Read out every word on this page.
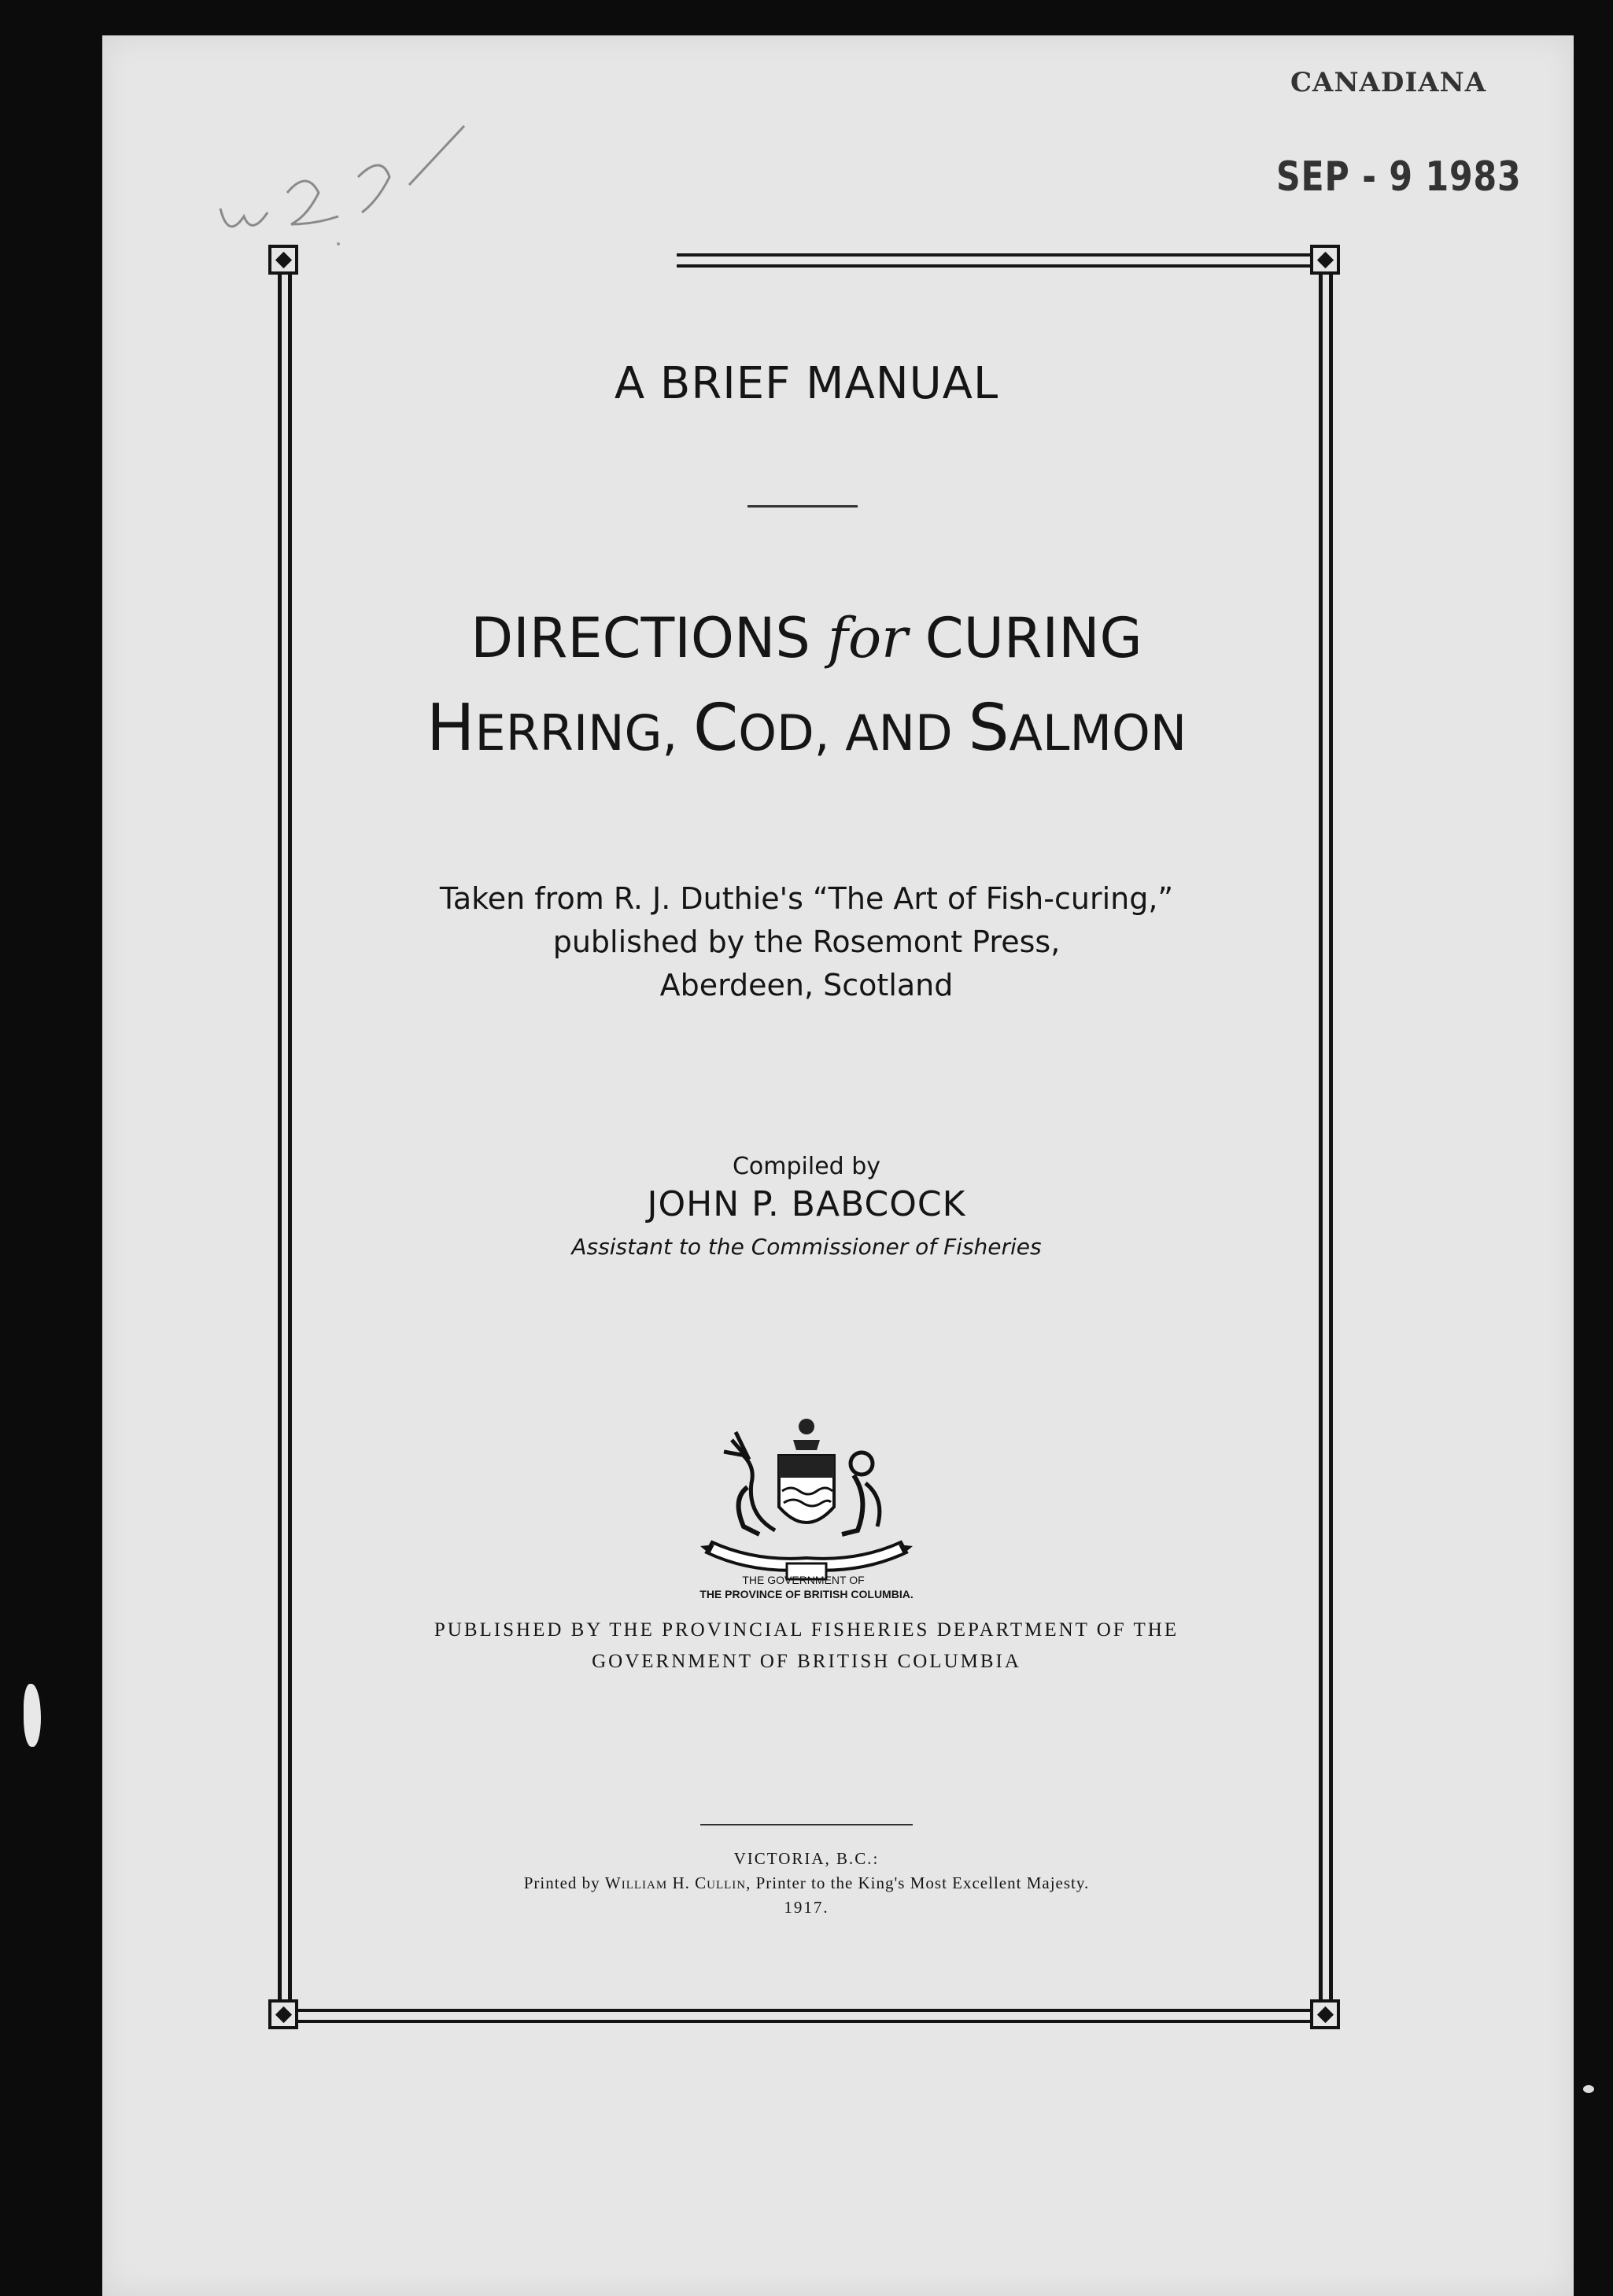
CANADIANA
SEP - 9 1983
A BRIEF MANUAL
DIRECTIONS for CURING
HERRING, COD, AND SALMON
Taken from R. J. Duthie's “The Art of Fish-curing,”
published by the Rosemont Press,
Aberdeen, Scotland
Compiled by
JOHN P. BABCOCK
Assistant to the Commissioner of Fisheries
THE GOVERNMENT OF
THE PROVINCE OF BRITISH COLUMBIA.
PUBLISHED BY THE PROVINCIAL FISHERIES DEPARTMENT OF THE
GOVERNMENT OF BRITISH COLUMBIA
VICTORIA, B.C.:
Printed by William H. Cullin, Printer to the King's Most Excellent Majesty.
1917.
